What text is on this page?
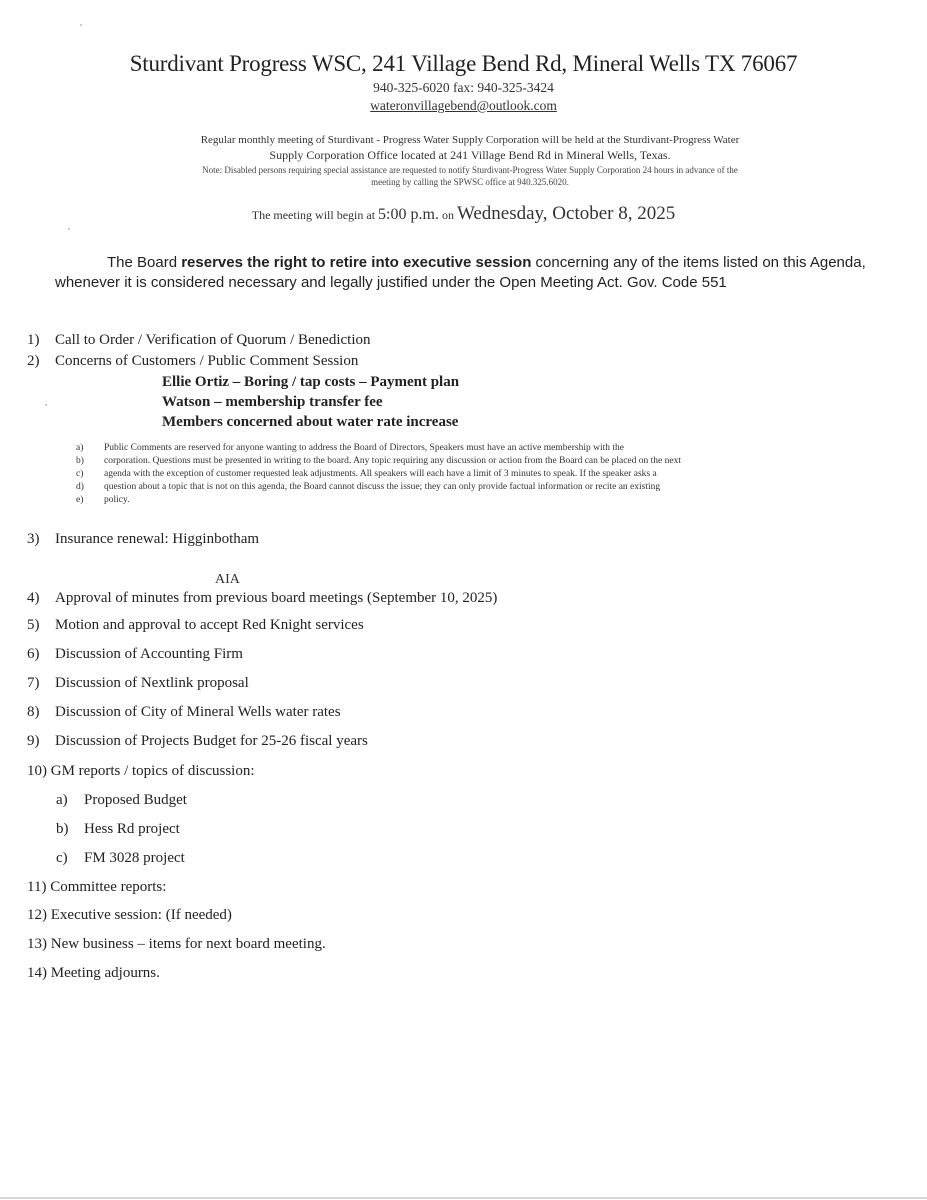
Sturdivant Progress WSC, 241 Village Bend Rd, Mineral Wells TX 76067
940-325-6020 fax: 940-325-3424
wateronvillagebend@outlook.com
Regular monthly meeting of Sturdivant - Progress Water Supply Corporation will be held at the Sturdivant-Progress Water
Supply Corporation Office located at 241 Village Bend Rd in Mineral Wells, Texas.
Note: Disabled persons requiring special assistance are requested to notify Sturdivant-Progress Water Supply Corporation 24 hours in advance of the
meeting by calling the SPWSC office at 940.325.6020.
The meeting will begin at 5:00 p.m. on Wednesday, October 8, 2025
The Board reserves the right to retire into executive session concerning any of the items listed on this Agenda, whenever it is considered necessary and legally justified under the Open Meeting Act. Gov. Code 551
1) Call to Order / Verification of Quorum / Benediction
2) Concerns of Customers / Public Comment Session
Ellie Ortiz – Boring / tap costs – Payment plan
Watson – membership transfer fee
Members concerned about water rate increase
a) Public Comments are reserved for anyone wanting to address the Board of Directors, Speakers must have an active membership with the
b) corporation. Questions must be presented in writing to the board. Any topic requiring any discussion or action from the Board can be placed on the next
c) agenda with the exception of customer requested leak adjustments. All speakers will each have a limit of 3 minutes to speak. If the speaker asks a
d) question about a topic that is not on this agenda, the Board cannot discuss the issue; they can only provide factual information or recite an existing
e) policy.
3) Insurance renewal: Higginbotham
AIA
4) Approval of minutes from previous board meetings (September 10, 2025)
5) Motion and approval to accept Red Knight services
6) Discussion of Accounting Firm
7) Discussion of Nextlink proposal
8) Discussion of City of Mineral Wells water rates
9) Discussion of Projects Budget for 25-26 fiscal years
10) GM reports / topics of discussion:
a) Proposed Budget
b) Hess Rd project
c) FM 3028 project
11) Committee reports:
12) Executive session: (If needed)
13) New business – items for next board meeting.
14) Meeting adjourns.
